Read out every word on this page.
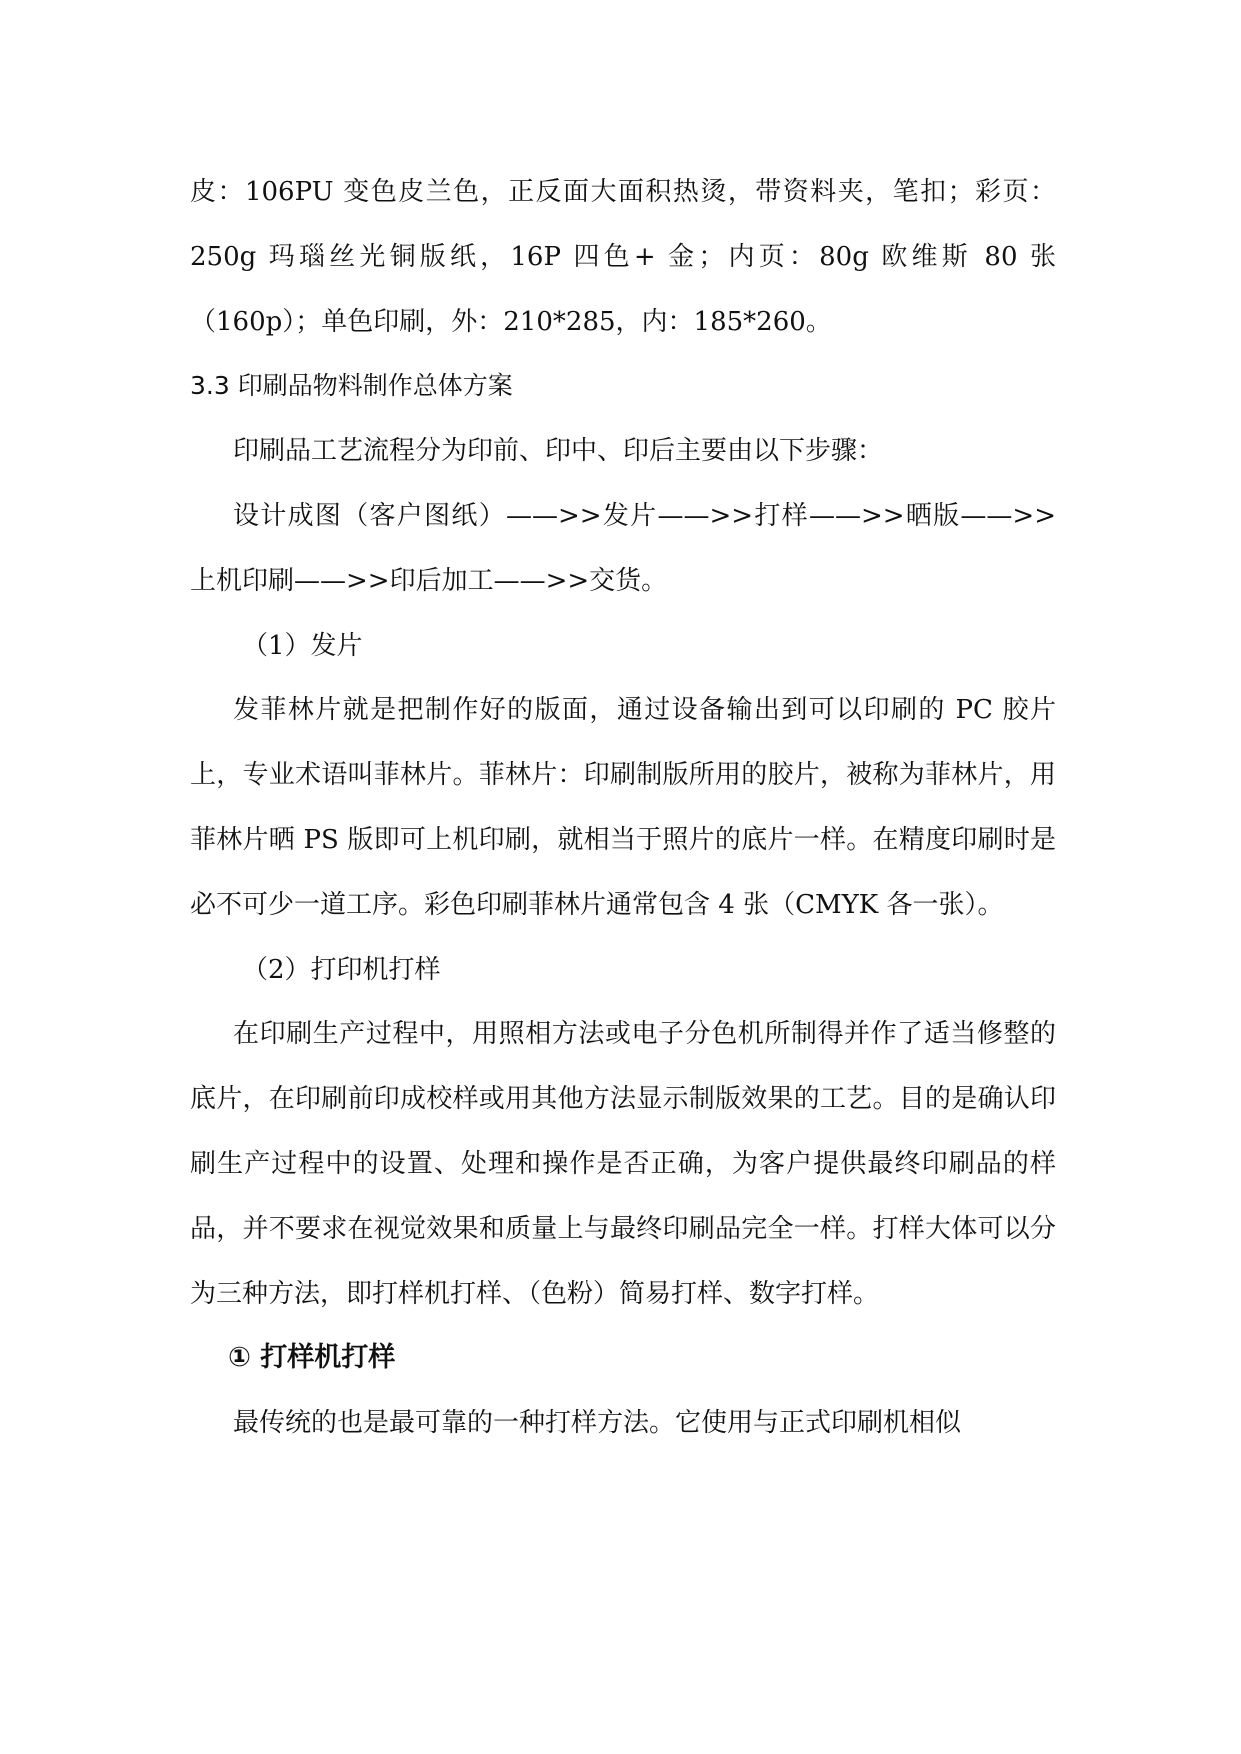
皮：106PU 变色皮兰色，正反面大面积热烫，带资料夹，笔扣；彩页：250g 玛瑙丝光铜版纸，16P 四色+ 金；内页：80g 欧维斯 80 张（160p）；单色印刷，外：210*285，内：185*260。

3.3 印刷品物料制作总体方案

印刷品工艺流程分为印前、印中、印后主要由以下步骤：

设计成图（客户图纸）——>>发片——>>打样——>>晒版——>>上机印刷——>>印后加工——>>交货。

（1）发片

发菲林片就是把制作好的版面，通过设备输出到可以印刷的 PC 胶片上，专业术语叫菲林片。菲林片：印刷制版所用的胶片，被称为菲林片，用菲林片晒 PS 版即可上机印刷，就相当于照片的底片一样。在精度印刷时是必不可少一道工序。彩色印刷菲林片通常包含 4 张（CMYK 各一张）。

（2）打印机打样

在印刷生产过程中，用照相方法或电子分色机所制得并作了适当修整的底片，在印刷前印成校样或用其他方法显示制版效果的工艺。目的是确认印刷生产过程中的设置、处理和操作是否正确，为客户提供最终印刷品的样品，并不要求在视觉效果和质量上与最终印刷品完全一样。打样大体可以分为三种方法，即打样机打样、（色粉）简易打样、数字打样。

① 打样机打样

最传统的也是最可靠的一种打样方法。它使用与正式印刷机相似
